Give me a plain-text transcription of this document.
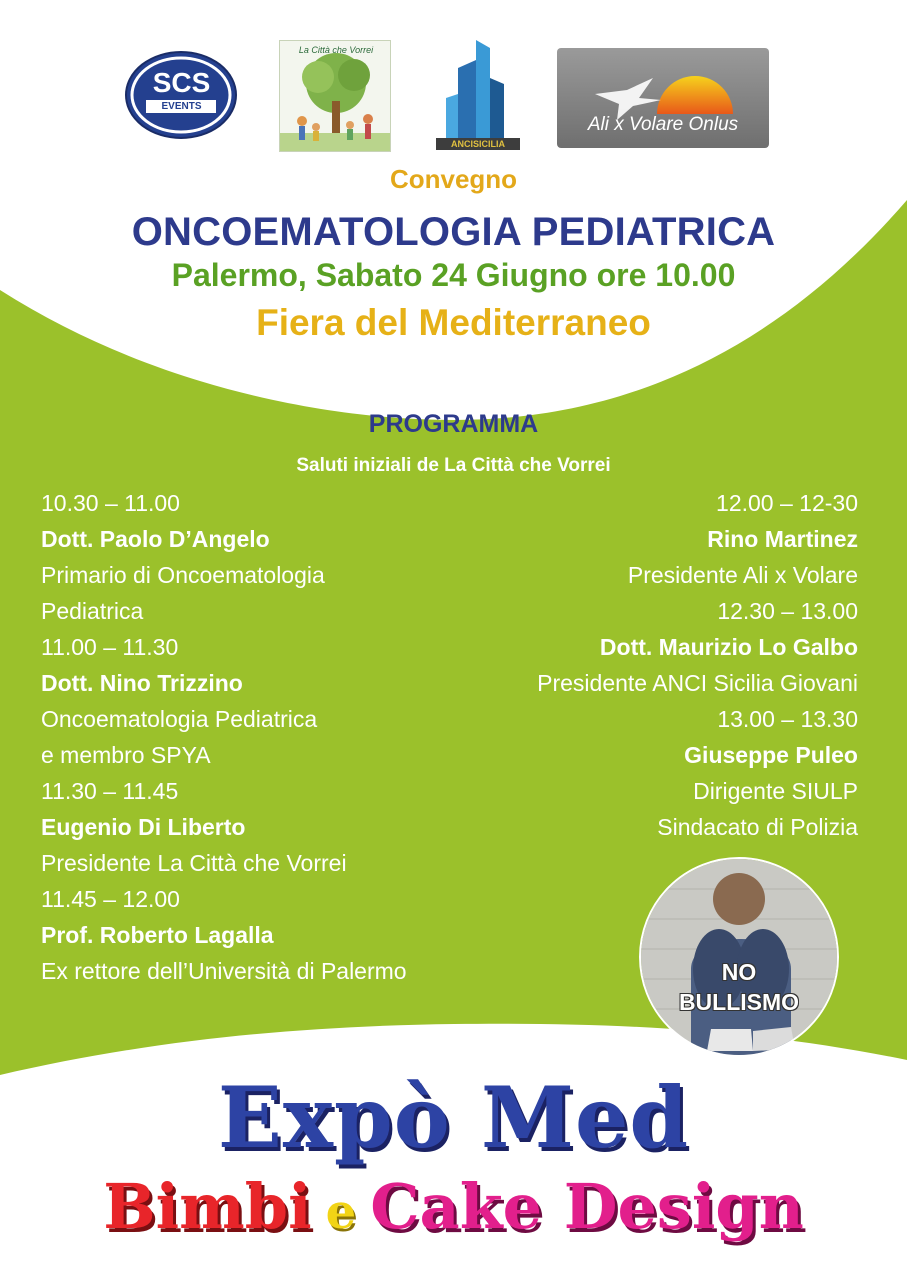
SCS
EVENTS
La Città che Vorrei
ANCISICILIA
Ali x Volare Onlus
Convegno
ONCOEMATOLOGIA PEDIATRICA
Palermo, Sabato 24 Giugno ore 10.00
Fiera del Mediterraneo
PROGRAMMA
Saluti iniziali de La Città che Vorrei
10.30 – 11.00
Dott. Paolo D’Angelo
Primario di Oncoematologia
Pediatrica
11.00 – 11.30
Dott. Nino Trizzino
Oncoematologia Pediatrica
e membro SPYA
11.30 – 11.45
Eugenio Di Liberto
Presidente La Città che Vorrei
11.45 – 12.00
Prof. Roberto Lagalla
Ex rettore dell’Università di Palermo
12.00 – 12-30
Rino Martinez
Presidente Ali x Volare
12.30 – 13.00
Dott. Maurizio Lo Galbo
Presidente ANCI Sicilia Giovani
13.00 – 13.30
Giuseppe Puleo
Dirigente SIULP
Sindacato di Polizia
NO
BULLISMO
Expò Med
Bimbi e Cake Design
